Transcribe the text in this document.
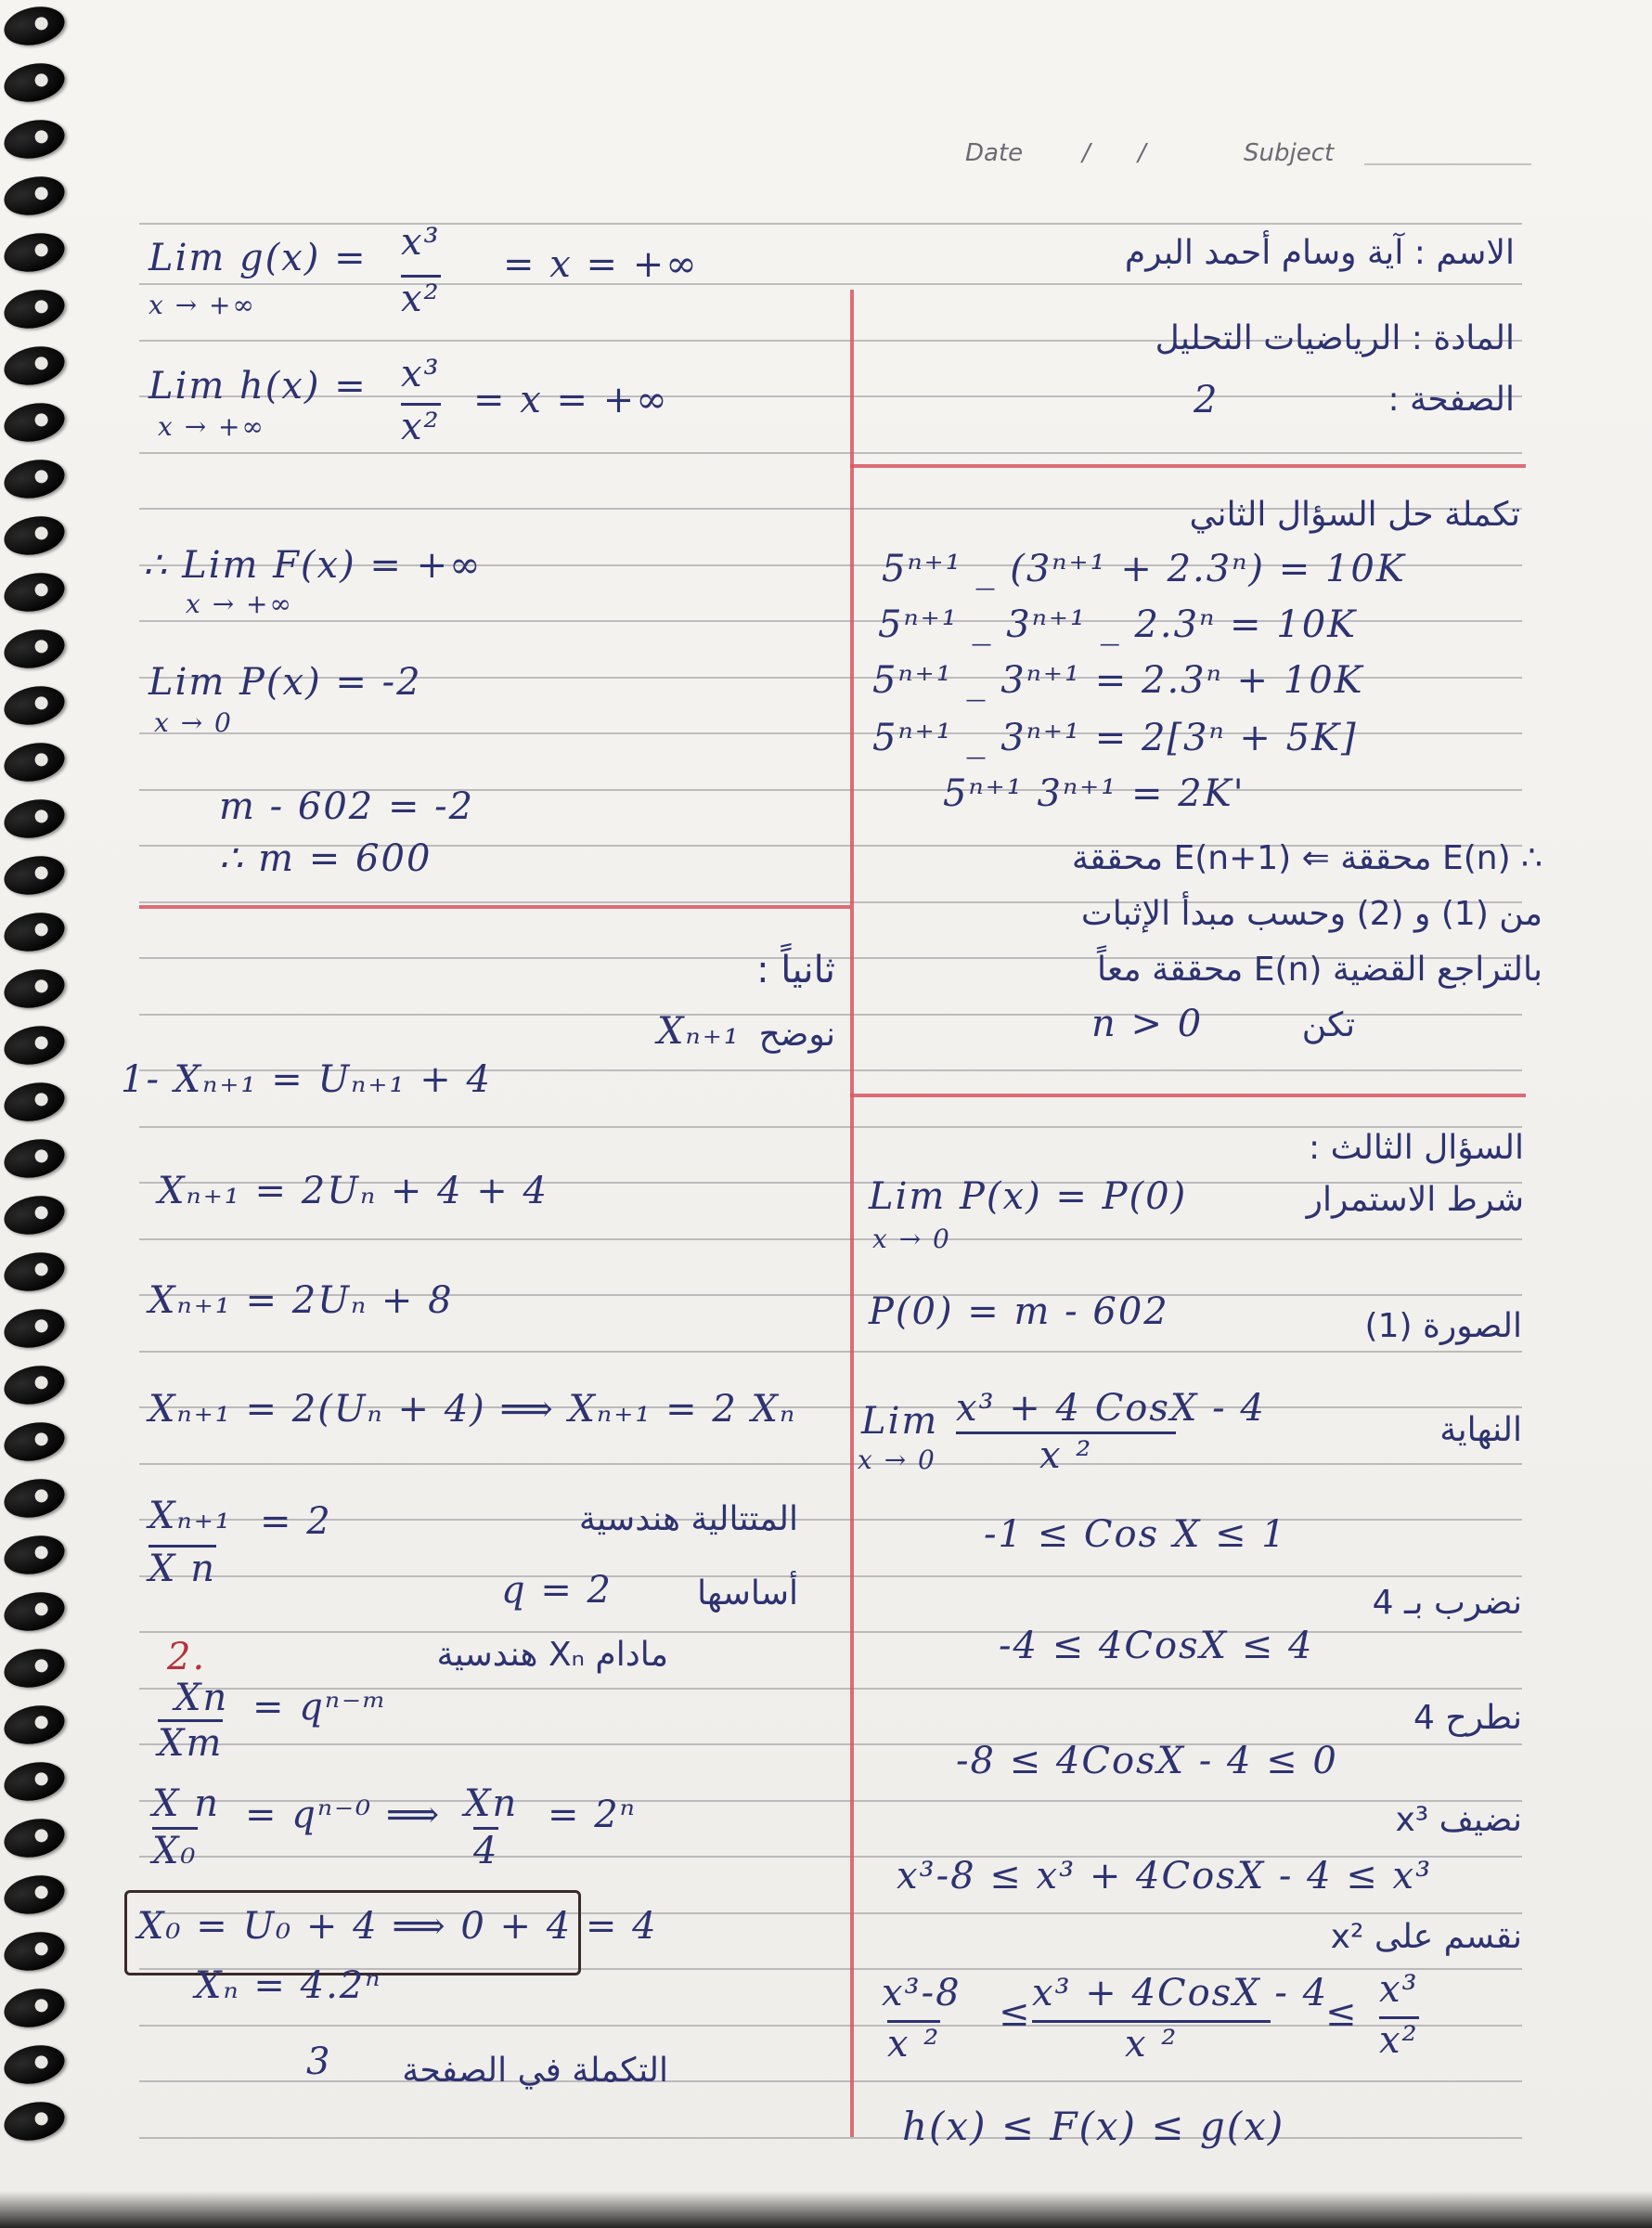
Date / /	Subject
Lim g(x) =
x → +∞
x³
x²
= x = +∞
Lim h(x) =
x → +∞
x³
x²
= x = +∞
∴ Lim F(x) = +∞
x → +∞
Lim P(x) = -2
x → 0
m - 602 = -2
∴ m = 600
ثانياً :
نوضح
Xₙ₊₁
1- Xₙ₊₁ = Uₙ₊₁ + 4
Xₙ₊₁ = 2Uₙ + 4 + 4
Xₙ₊₁ = 2Uₙ + 8
Xₙ₊₁ = 2(Uₙ + 4) ⟹ Xₙ₊₁ = 2 Xₙ
Xₙ₊₁ = 2
X n
المتتالية هندسية
أساسها
q = 2
2.	مادام Xₙ هندسية
Xn
Xm
= qⁿ⁻ᵐ
X n
X₀
= qⁿ⁻⁰ ⟹ Xn
4
= 2ⁿ
X₀ = U₀ + 4 ⟹ 0 + 4 = 4
Xₙ = 4.2ⁿ
3 التكملة في الصفحة
الاسم : آية وسام أحمد البرم
المادة : الرياضيات التحليل
الصفحة :
2
تكملة حل السؤال الثاني
5ⁿ⁺¹ _ (3ⁿ⁺¹ + 2.3ⁿ) = 10K
5ⁿ⁺¹ _ 3ⁿ⁺¹ _ 2.3ⁿ = 10K
5ⁿ⁺¹ _ 3ⁿ⁺¹ = 2.3ⁿ + 10K
5ⁿ⁺¹ _ 3ⁿ⁺¹ = 2[3ⁿ + 5K]
5ⁿ⁺¹ 3ⁿ⁺¹ = 2K'
∴ E(n) محققة ⇐ E(n+1) محققة
من (1) و (2) وحسب مبدأ الإثبات
بالتراجع القضية E(n) محققة معاً
تكن
n > 0
السؤال الثالث :
شرط الاستمرار
Lim P(x) = P(0)
x → 0
الصورة (1)
P(0) = m - 602
النهاية
Lim
x → 0
x³ + 4 CosX - 4
x ²
-1 ≤ Cos X ≤ 1
نضرب بـ 4
-4 ≤ 4CosX ≤ 4
نطرح 4
-8 ≤ 4CosX - 4 ≤ 0
نضيف x³
x³-8 ≤ x³ + 4CosX - 4 ≤ x³
نقسم على x²
x³-8
x ²
≤ x³ + 4CosX - 4
x ²
≤
x³
x²
h(x) ≤ F(x) ≤ g(x)
